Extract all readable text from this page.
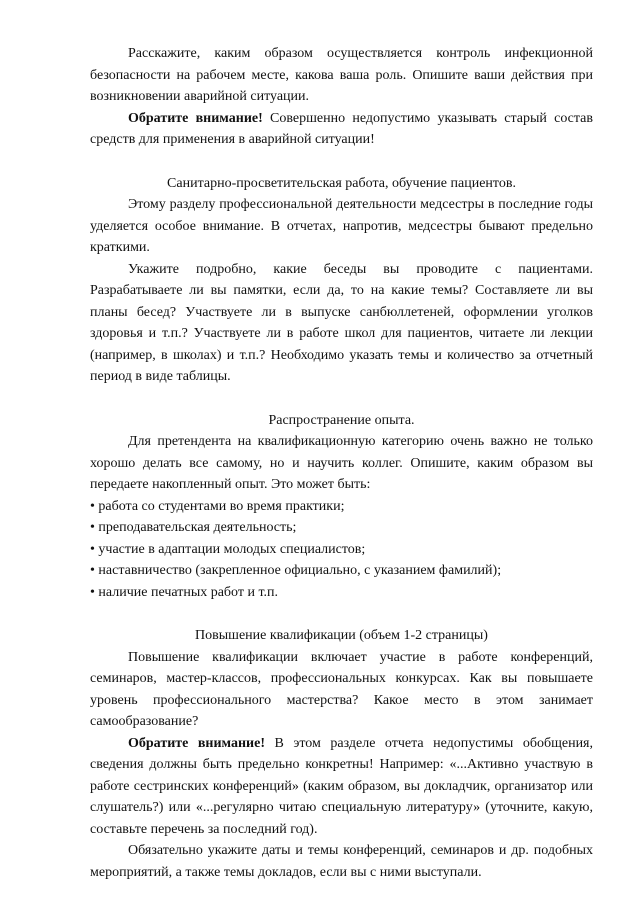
Расскажите, каким образом осуществляется контроль инфекционной безопасности на рабочем месте, какова ваша роль. Опишите ваши действия при возникновении аварийной ситуации.

Обратите внимание! Совершенно недопустимо указывать старый состав средств для применения в аварийной ситуации!

Санитарно-просветительская работа, обучение пациентов.

Этому разделу профессиональной деятельности медсестры в последние годы уделяется особое внимание. В отчетах, напротив, медсестры бывают предельно краткими.

Укажите подробно, какие беседы вы проводите с пациентами. Разрабатываете ли вы памятки, если да, то на какие темы? Составляете ли вы планы бесед? Участвуете ли в выпуске санбюллетеней, оформлении уголков здоровья и т.п.? Участвуете ли в работе школ для пациентов, читаете ли лекции (например, в школах) и т.п.? Необходимо указать темы и количество за отчетный период в виде таблицы.

Распространение опыта.

Для претендента на квалификационную категорию очень важно не только хорошо делать все самому, но и научить коллег. Опишите, каким образом вы передаете накопленный опыт. Это может быть:

• работа со студентами во время практики;
• преподавательская деятельность;
• участие в адаптации молодых специалистов;
• наставничество (закрепленное официально, с указанием фамилий);
• наличие печатных работ и т.п.

Повышение квалификации (объем 1-2 страницы)

Повышение квалификации включает участие в работе конференций, семинаров, мастер-классов, профессиональных конкурсах. Как вы повышаете уровень профессионального мастерства? Какое место в этом занимает самообразование?

Обратите внимание! В этом разделе отчета недопустимы обобщения, сведения должны быть предельно конкретны! Например: «...Активно участвую в работе сестринских конференций» (каким образом, вы докладчик, организатор или слушатель?) или «...регулярно читаю специальную литературу» (уточните, какую, составьте перечень за последний год).

Обязательно укажите даты и темы конференций, семинаров и др. подобных мероприятий, а также темы докладов, если вы с ними выступали.
